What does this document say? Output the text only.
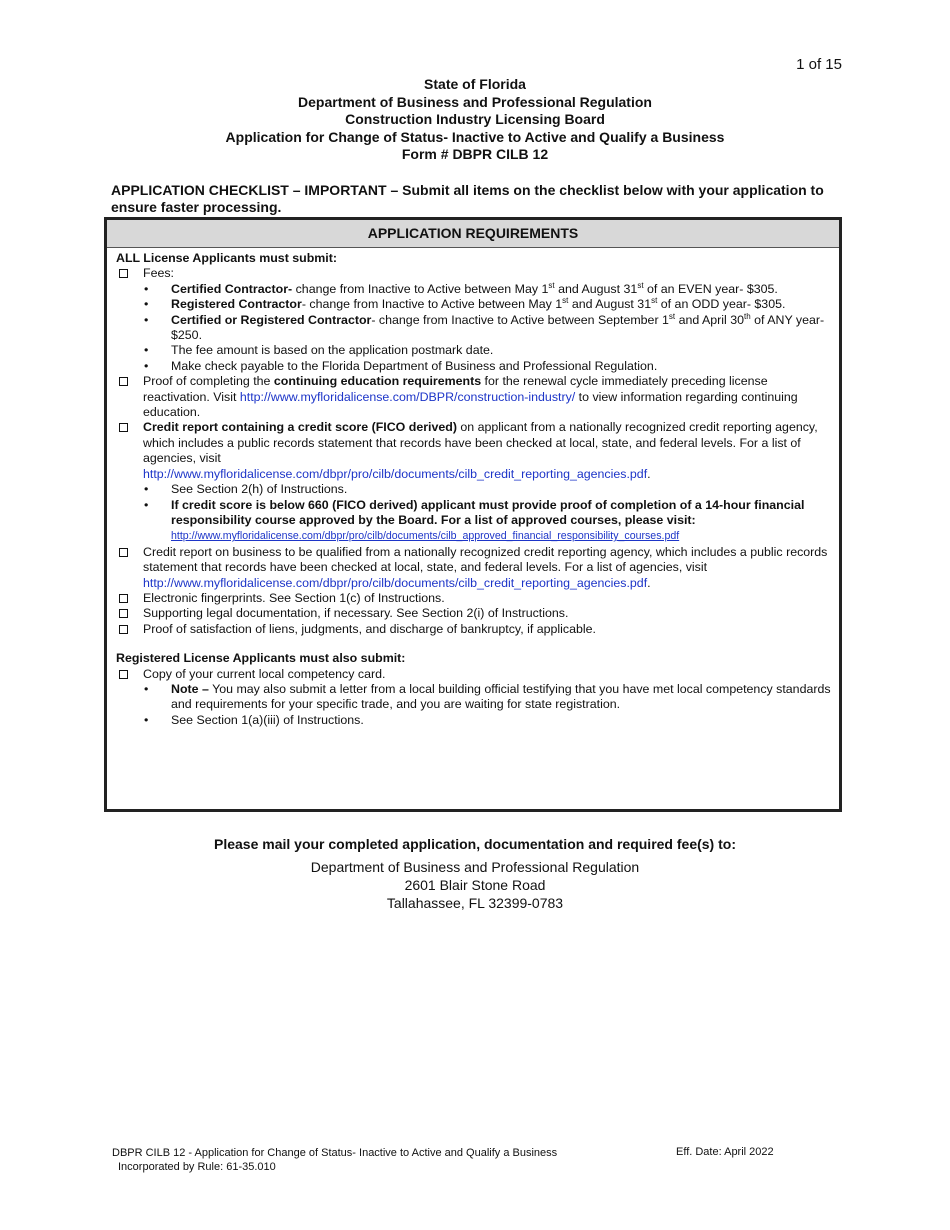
1 of 15
State of Florida
Department of Business and Professional Regulation
Construction Industry Licensing Board
Application for Change of Status- Inactive to Active and Qualify a Business
Form # DBPR CILB 12
APPLICATION CHECKLIST – IMPORTANT – Submit all items on the checklist below with your application to ensure faster processing.
APPLICATION REQUIREMENTS
ALL License Applicants must submit:
Fees:
• Certified Contractor- change from Inactive to Active between May 1st and August 31st of an EVEN year- $305.
• Registered Contractor- change from Inactive to Active between May 1st and August 31st of an ODD year- $305.
• Certified or Registered Contractor- change from Inactive to Active between September 1st and April 30th of ANY year- $250.
• The fee amount is based on the application postmark date.
• Make check payable to the Florida Department of Business and Professional Regulation.
Proof of completing the continuing education requirements for the renewal cycle immediately preceding license reactivation. Visit http://www.myfloridalicense.com/DBPR/construction-industry/ to view information regarding continuing education.
Credit report containing a credit score (FICO derived) on applicant from a nationally recognized credit reporting agency, which includes a public records statement that records have been checked at local, state, and federal levels. For a list of agencies, visit
http://www.myfloridalicense.com/dbpr/pro/cilb/documents/cilb_credit_reporting_agencies.pdf.
• See Section 2(h) of Instructions.
• If credit score is below 660 (FICO derived) applicant must provide proof of completion of a 14-hour financial responsibility course approved by the Board. For a list of approved courses, please visit:
http://www.myfloridalicense.com/dbpr/pro/cilb/documents/cilb_approved_financial_responsibility_courses.pdf
Credit report on business to be qualified from a nationally recognized credit reporting agency, which includes a public records statement that records have been checked at local, state, and federal levels. For a list of agencies, visit http://www.myfloridalicense.com/dbpr/pro/cilb/documents/cilb_credit_reporting_agencies.pdf.
Electronic fingerprints. See Section 1(c) of Instructions.
Supporting legal documentation, if necessary. See Section 2(i) of Instructions.
Proof of satisfaction of liens, judgments, and discharge of bankruptcy, if applicable.
Registered License Applicants must also submit:
Copy of your current local competency card.
• Note – You may also submit a letter from a local building official testifying that you have met local competency standards and requirements for your specific trade, and you are waiting for state registration.
• See Section 1(a)(iii) of Instructions.
Please mail your completed application, documentation and required fee(s) to:
Department of Business and Professional Regulation
2601 Blair Stone Road
Tallahassee, FL 32399-0783
DBPR CILB 12 - Application for Change of Status- Inactive to Active and Qualify a Business
Incorporated by Rule: 61-35.010
Eff. Date: April 2022
